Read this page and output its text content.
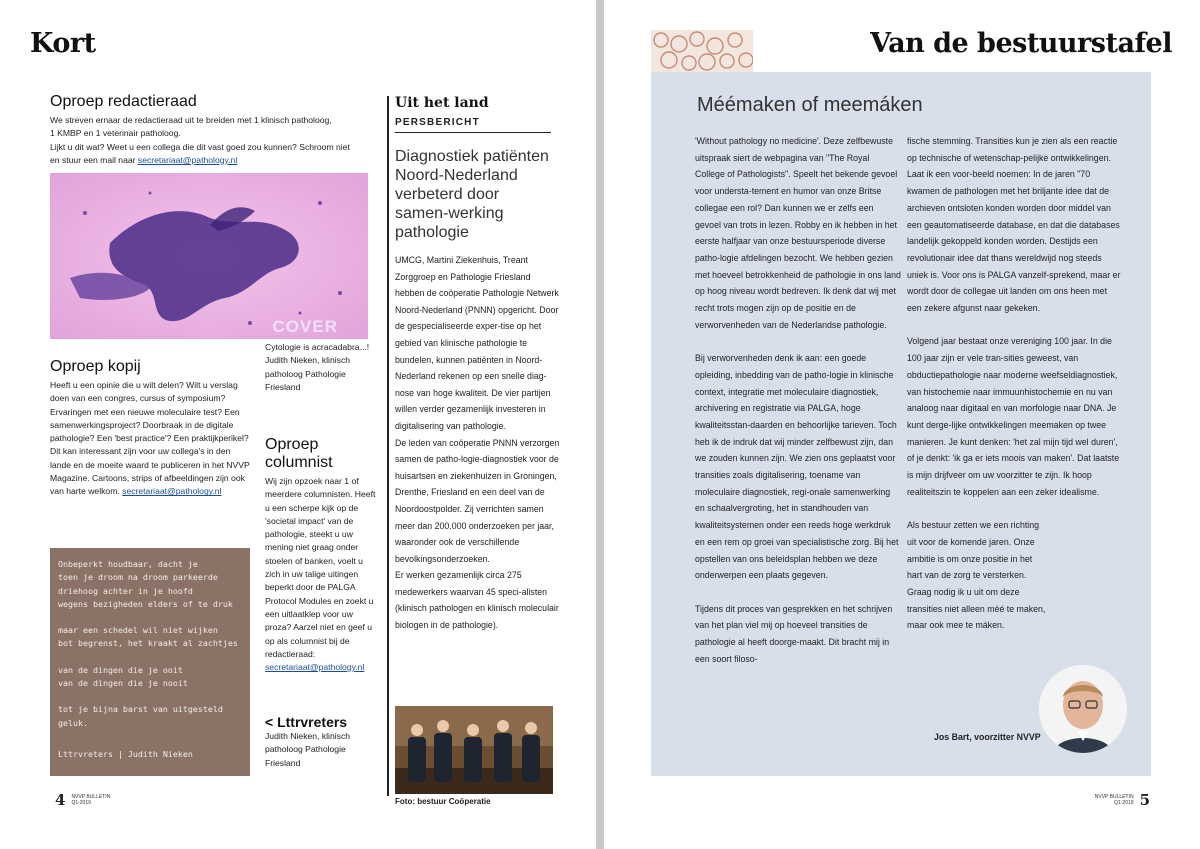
Kort
Oproep redactieraad
We streven ernaar de redactieraad uit te breiden met 1 klinisch patholoog,
1 KMBP en 1 veterinair patholoog.
Lijkt u dit wat? Weet u een collega die dit vast goed zou kunnen? Schroom niet
en stuur een mail naar secretariaat@pathology.nl
COVER
Cytologie is acracadabra...! Judith Nieken, klinisch patholoog Pathologie Friesland
Oproep kopij
Heeft u een opinie die u wilt delen? Wilt u verslag doen van een congres, cursus of symposium? Ervaringen met een nieuwe moleculaire test? Een samenwerkingsproject? Doorbraak in de digitale pathologie? Een 'best practice'? Een praktijkperikel? Dit kan interessant zijn voor uw collega's in den lande en de moeite waard te publiceren in het NVVP Magazine. Cartoons, strips of afbeeldingen zijn ook van harte welkom. secretariaat@pathology.nl
Oproep
columnist
Wij zijn opzoek naar 1 of meerdere columnisten. Heeft u een scherpe kijk op de 'societal impact' van de pathologie, steekt u uw mening niet graag onder stoelen of banken, voelt u zich in uw talige uitingen beperkt door de PALGA Protocol Modules en zoekt u een uitlaatklep voor uw proza? Aarzel niet en geef u op als columnist bij de redactieraad:
secretariaat@pathology.nl

Onbeperkt houdbaar, dacht je
toen je droom na droom parkeerde
driehoog achter in je hoofd
wegens bezigheden elders of te druk

maar een schedel wil niet wijken
bot begrenst, het kraakt al zachtjes

van de dingen die je ooit
van de dingen die je nooit

tot je bijna barst van uitgesteld geluk.

Lttrvreters | Judith Nieken

< Lttrvreters
Judith Nieken, klinisch patholoog Pathologie Friesland
Uit het land
PERSBERICHT
Diagnostiek patiënten Noord-Nederland verbeterd door samen-werking pathologie
UMCG, Martini Ziekenhuis, Treant Zorggroep en Pathologie Friesland hebben de coöperatie Pathologie Netwerk Noord-Nederland (PNNN) opgericht. Door de gespecialiseerde exper-tise op het gebied van klinische pathologie te bundelen, kunnen patiënten in Noord-Nederland rekenen op een snelle diag-nose van hoge kwaliteit. De vier partijen willen verder gezamenlijk investeren in digitalisering van pathologie.
De leden van coöperatie PNNN verzorgen samen de patho-logie-diagnostiek voor de huisartsen en ziekenhuizen in Groningen, Drenthe, Friesland en een deel van de Noordoostpolder. Zij verrichten samen meer dan 200.000 onderzoeken per jaar, waaronder ook de verschillende bevolkingsonderzoeken.
Er werken gezamenlijk circa 275 medewerkers waarvan 45 speci-alisten (klinisch pathologen en klinisch moleculair biologen in de pathologie).
Foto: bestuur Coöperatie
4 NVVP BULLETIN
Q1-2019
Van de bestuurstafel
Méémaken of meemáken

'Without pathology no medicine'. Deze zelfbewuste uitspraak siert de webpagina van "The Royal College of Pathologists". Speelt het bekende gevoel voor understa-tement en humor van onze Britse collegae een rol? Dan kunnen we er zelfs een gevoel van trots in lezen. Robby en ik hebben in het eerste halfjaar van onze bestuursperiode diverse patho-logie afdelingen bezocht. We hebben gezien met hoeveel betrokkenheid de pathologie in ons land op hoog niveau wordt bedreven. Ik denk dat wij met recht trots mogen zijn op de positie en de verworvenheden van de Nederlandse pathologie.

Bij verworvenheden denk ik aan: een goede opleiding, inbedding van de patho-logie in klinische context, integratie met moleculaire diagnostiek, archivering en registratie via PALGA, hoge kwaliteitsstan-daarden en behoorlijke tarieven. Toch heb ik de indruk dat wij minder zelfbewust zijn, dan we zouden kunnen zijn. We zien ons geplaatst voor transities zoals digitalisering, toename van moleculaire diagnostiek, regi-onale samenwerking en schaalvergroting, het in standhouden van kwaliteitsystemen onder een reeds hoge werkdruk en een rem op groei van specialistische zorg. Bij het opstellen van ons beleidsplan hebben we deze onderwerpen een plaats gegeven.

Tijdens dit proces van gesprekken en het schrijven van het plan viel mij op hoeveel transities de pathologie al heeft doorge-maakt. Dit bracht mij in een soort filoso-

fische stemming. Transities kun je zien als een reactie op technische of wetenschap-pelijke ontwikkelingen. Laat ik een voor-beeld noemen: In de jaren "70 kwamen de pathologen met het briljante idee dat de archieven ontsloten konden worden door middel van een geautomatiseerde database, en dat die databases landelijk gekoppeld konden worden. Destijds een revolutionair idee dat thans wereldwijd nog steeds uniek is. Voor ons is PALGA vanzelf-sprekend, maar er wordt door de collegae uit landen om ons heen met een zekere afgunst naar gekeken.

Volgend jaar bestaat onze vereniging 100 jaar. In die 100 jaar zijn er vele tran-sities geweest, van obductiepathologie naar moderne weefseldiagnostiek, van histochemie naar immuunhistochemie en nu van analoog naar digitaal en van morfologie naar DNA. Je kunt derge-lijke ontwikkelingen meemaken op twee manieren. Je kunt denken: 'het zal mijn tijd wel duren', of je denkt: 'ik ga er iets moois van maken'. Dat laatste is mijn drijfveer om uw voorzitter te zijn. Ik hoop realiteitszin te koppelen aan een zeker idealisme.

Als bestuur zetten we een richting uit voor de komende jaren. Onze ambitie is om onze positie in het hart van de zorg te versterken. Graag nodig ik u uit om deze transities niet alleen méé te maken, maar ook mee te máken.

Jos Bart, voorzitter NVVP
NVVP BULLETIN
Q1-2019 5
